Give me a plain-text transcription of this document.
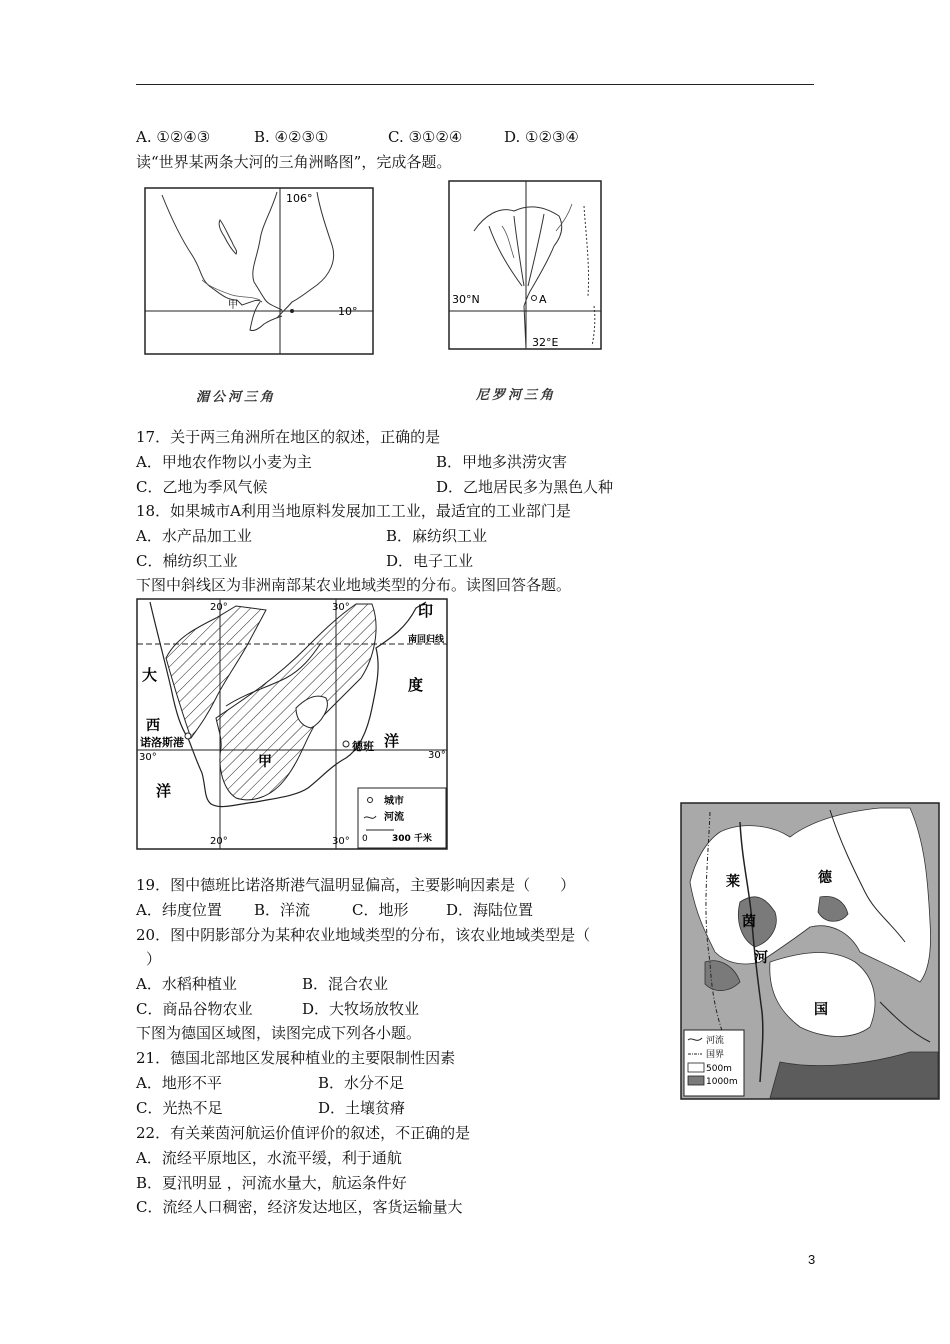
A. ①②④③	B. ④②③①	C. ③①②④	D. ①②③④
读“世界某两条大河的三角洲略图”，完成各题。
106°
10°
甲
湄公河三角
A
30°N
32°E
尼罗河三角
17．关于两三角洲所在地区的叙述，正确的是
A．甲地农作物以小麦为主	B．甲地多洪涝灾害
C．乙地为季风气候	D．乙地居民多为黑色人种
18．如果城市A利用当地原料发展加工工业，最适宜的工业部门是
A．水产品加工业	B．麻纺织工业
C．棉纺织工业	D．电子工业
下图中斜线区为非洲南部某农业地域类型的分布。读图回答各题。
20°	30°
20°	30°
30°	30°
南回归线
印
度
洋
大
西
洋
诺洛斯港	德班
甲
城市
河流
0	300 千米
莱
茵
河
德
国
河流
国界
500m
1000m
19．图中德班比诺洛斯港气温明显偏高，主要影响因素是（　　）
A．纬度位置 B．洋流	C．地形	D．海陆位置
20．图中阴影部分为某种农业地域类型的分布，该农业地域类型是（
）
A．水稻种植业	B．混合农业
C．商品谷物农业	D．大牧场放牧业
下图为德国区域图，读图完成下列各小题。
21．德国北部地区发展种植业的主要限制性因素
A．地形不平	B．水分不足
C．光热不足	D．土壤贫瘠
22．有关莱茵河航运价值评价的叙述，不正确的是
A．流经平原地区，水流平缓，利于通航
B．夏汛明显 ，河流水量大，航运条件好
C．流经人口稠密，经济发达地区，客货运输量大
3
